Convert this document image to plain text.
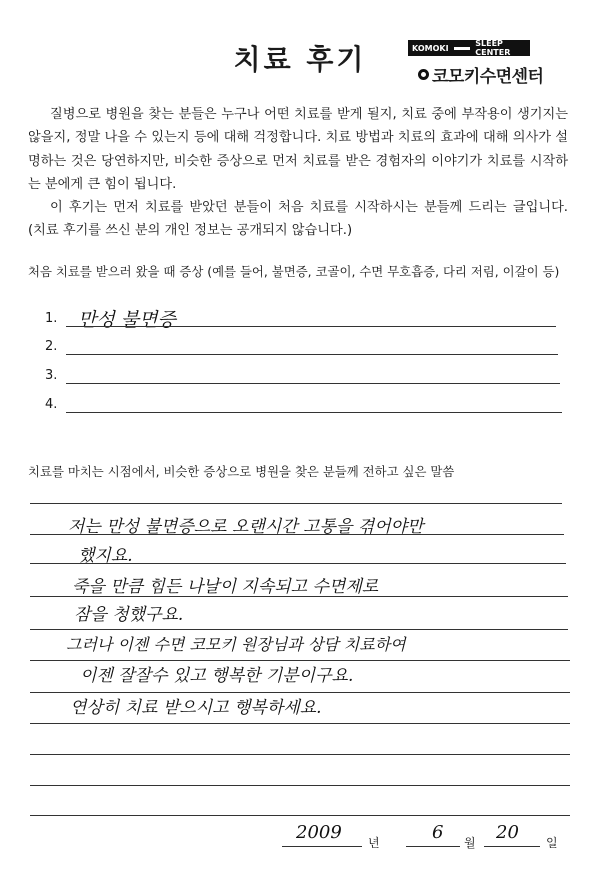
치료 후기	KOMOKI	SLEEP CENTER
코모키수면센터

질병으로 병원을 찾는 분들은 누구나 어떤 치료를 받게 될지, 치료 중에 부작용이 생기지는 않을지, 정말 나을 수 있는지 등에 대해 걱정합니다. 치료 방법과 치료의 효과에 대해 의사가 설명하는 것은 당연하지만, 비슷한 증상으로 먼저 치료를 받은 경험자의 이야기가 치료를 시작하는 분에게 큰 힘이 됩니다.

이 후기는 먼저 치료를 받았던 분들이 처음 치료를 시작하시는 분들께 드리는 글입니다. (치료 후기를 쓰신 분의 개인 정보는 공개되지 않습니다.)

처음 치료를 받으러 왔을 때 증상 (예를 들어, 불면증, 코골이, 수면 무호흡증, 다리 저림, 이갈이 등)
1. 만성 불면증
2.
3.
4.
치료를 마치는 시점에서, 비슷한 증상으로 병원을 찾은 분들께 전하고 싶은 말씀
저는 만성 불면증으로 오랜시간 고통을 겪어야만
했지요.
죽을 만큼 힘든 나날이 지속되고 수면제로
잠을 청했구요.
그러나 이젠 수면 코모키 원장님과 상담 치료하여
이젠 잘잘수 있고 행복한 기분이구요.
연상히 치료 받으시고 행복하세요.
2009 년	6 월 20 일
